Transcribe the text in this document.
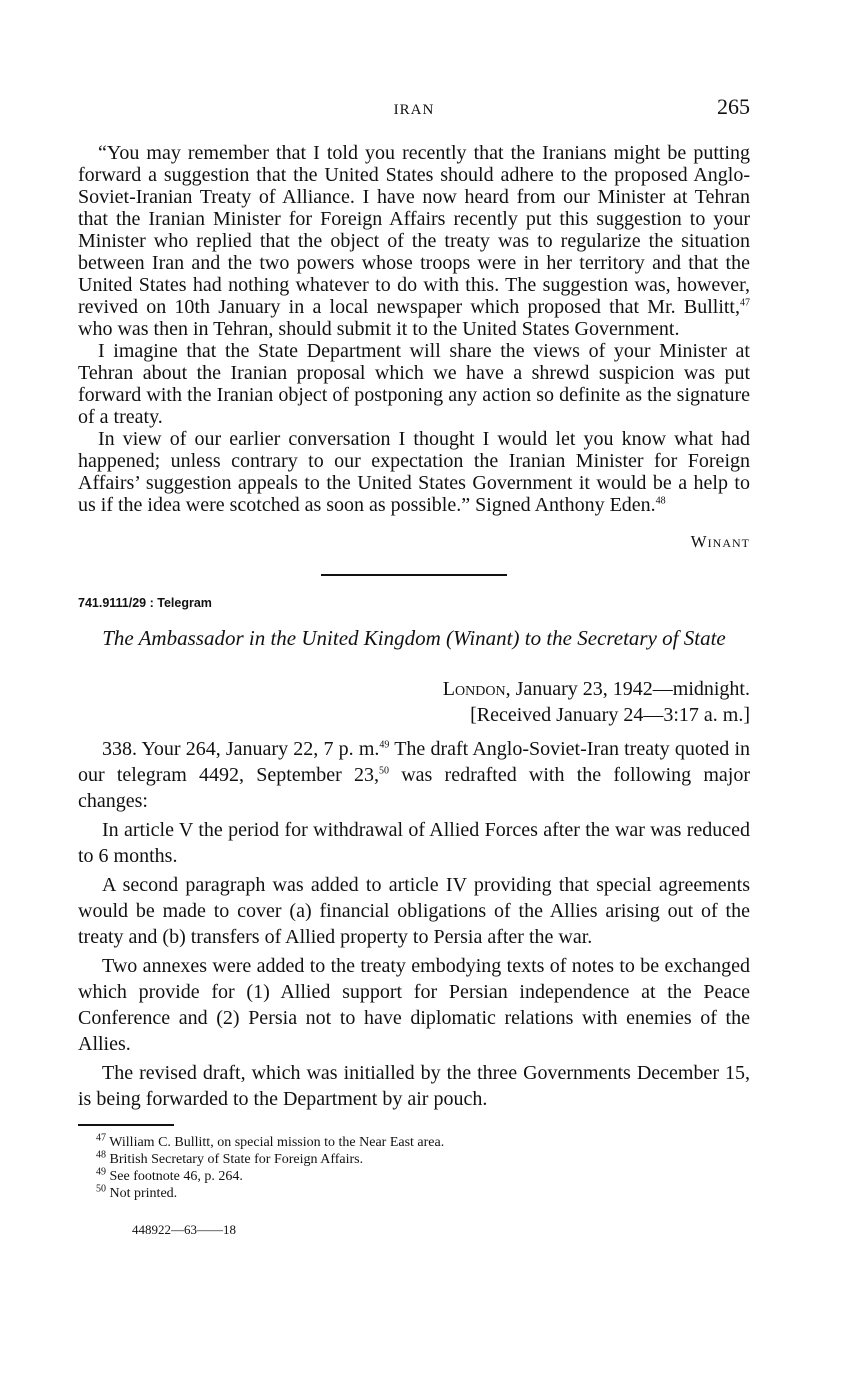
IRAN	265

“You may remember that I told you recently that the Iranians might be putting forward a suggestion that the United States should adhere to the proposed Anglo-Soviet-Iranian Treaty of Alliance. I have now heard from our Minister at Tehran that the Iranian Minister for Foreign Affairs recently put this suggestion to your Minister who replied that the object of the treaty was to regularize the situation between Iran and the two powers whose troops were in her territory and that the United States had nothing whatever to do with this. The suggestion was, however, revived on 10th January in a local newspaper which proposed that Mr. Bullitt,$^{47}$ who was then in Tehran, should submit it to the United States Government.

I imagine that the State Department will share the views of your Minister at Tehran about the Iranian proposal which we have a shrewd suspicion was put forward with the Iranian object of postponing any action so definite as the signature of a treaty.

In view of our earlier conversation I thought I would let you know what had happened; unless contrary to our expectation the Iranian Minister for Foreign Affairs’ suggestion appeals to the United States Government it would be a help to us if the idea were scotched as soon as possible.” Signed Anthony Eden.$^{48}$

Winant
741.9111/29 : Telegram
The Ambassador in the United Kingdom (Winant) to the Secretary of State
London, January 23, 1942—midnight.
[Received January 24—3:17 a. m.]

338. Your 264, January 22, 7 p. m.$^{49}$ The draft Anglo-Soviet-Iran treaty quoted in our telegram 4492, September 23,50 was redrafted with the following major changes:

In article V the period for withdrawal of Allied Forces after the war was reduced to 6 months.

A second paragraph was added to article IV providing that special agreements would be made to cover (a) financial obligations of the Allies arising out of the treaty and (b) transfers of Allied property to Persia after the war.

Two annexes were added to the treaty embodying texts of notes to be exchanged which provide for (1) Allied support for Persian independence at the Peace Conference and (2) Persia not to have diplomatic relations with enemies of the Allies.

The revised draft, which was initialled by the three Governments December 15, is being forwarded to the Department by air pouch.

$^{47}$ William C. Bullitt, on special mission to the Near East area.
$^{48}$ British Secretary of State for Foreign Affairs.
$^{49}$ See footnote 46, p. 264.
$^{50}$ Not printed.
448922—63——18
